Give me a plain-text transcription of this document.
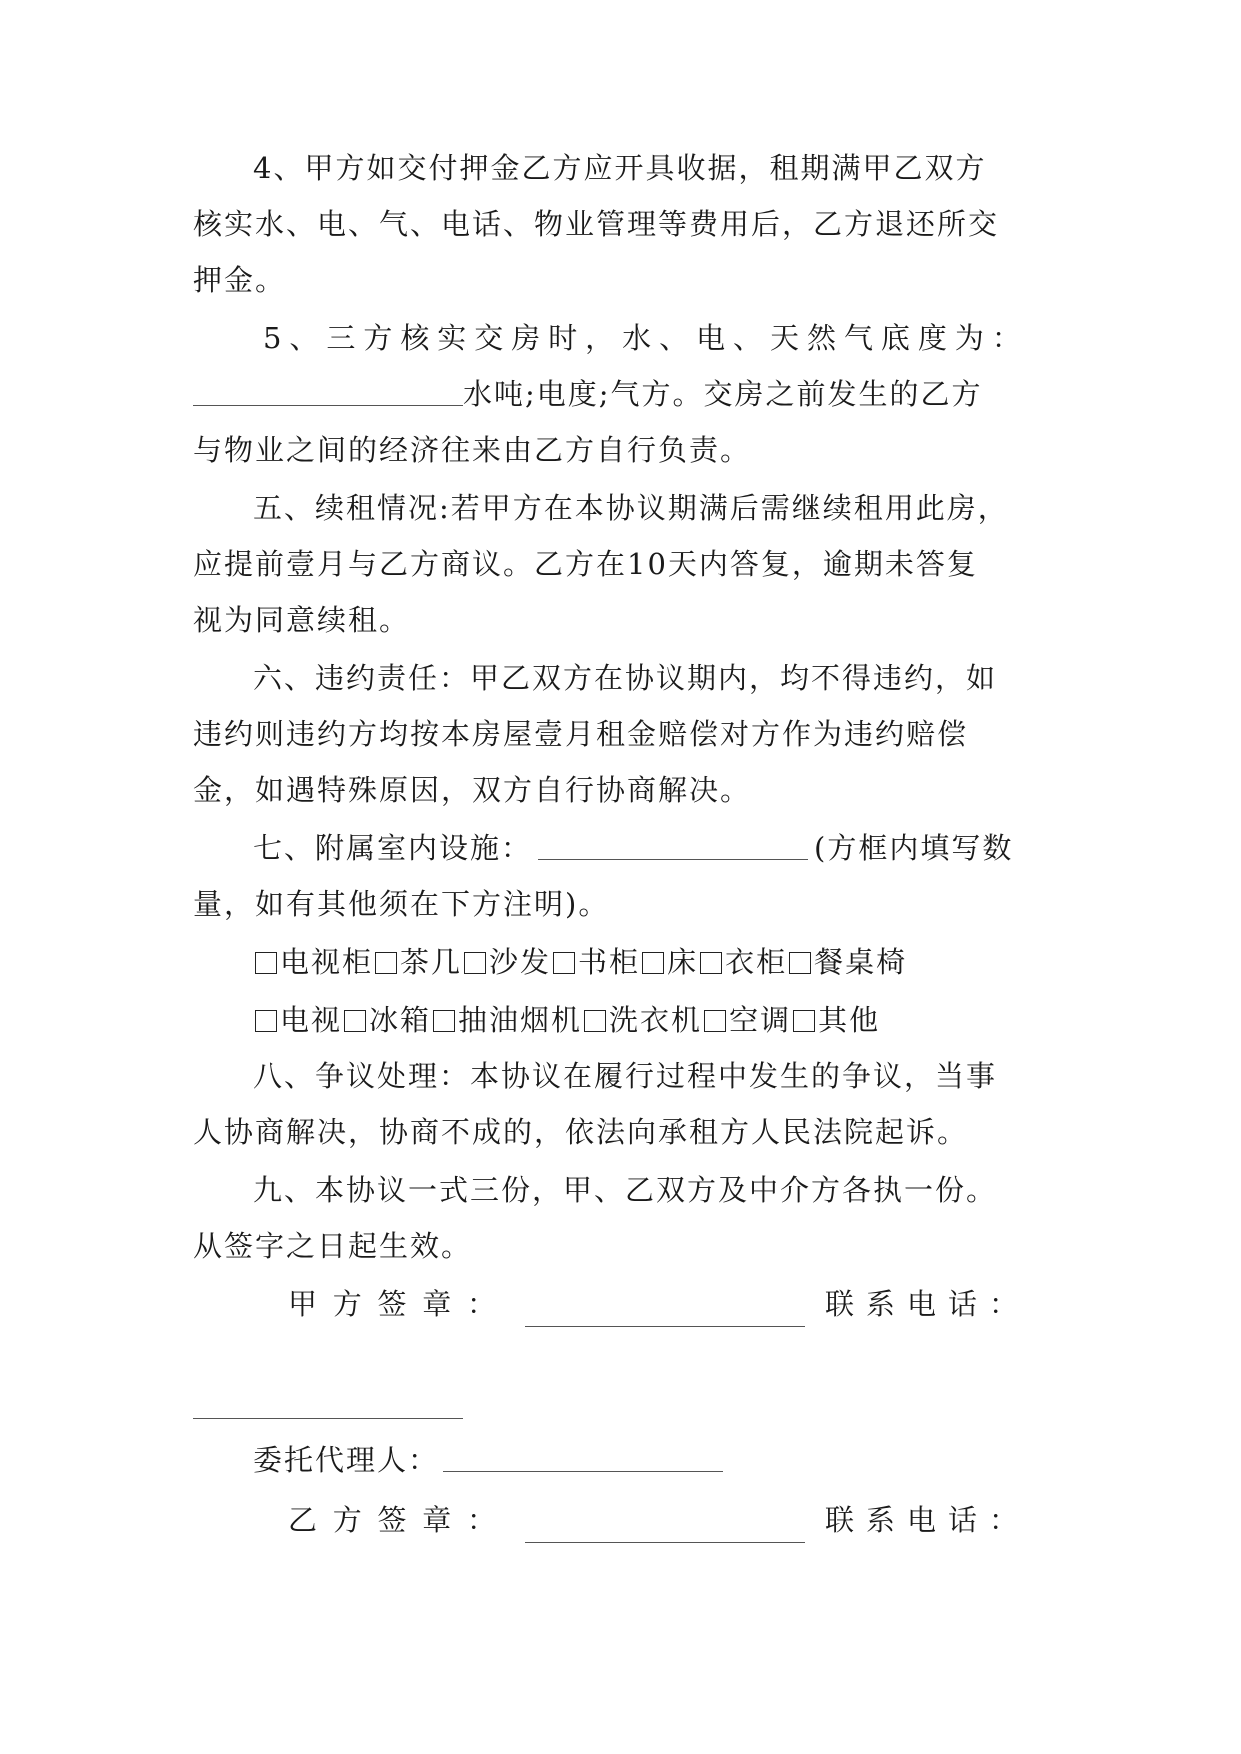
4、甲方如交付押金乙方应开具收据，租期满甲乙双方
核实水、电、气、电话、物业管理等费用后，乙方退还所交
押金。
5 、 三 方 核 实 交 房 时 ， 水 、 电 、 天 然 气 底 度 为 ：
水吨;电度;气方。交房之前发生的乙方
与物业之间的经济往来由乙方自行负责。
五、续租情况:若甲方在本协议期满后需继续租用此房，
应提前壹月与乙方商议。乙方在10天内答复，逾期未答复
视为同意续租。
六、违约责任：甲乙双方在协议期内，均不得违约，如
违约则违约方均按本房屋壹月租金赔偿对方作为违约赔偿
金，如遇特殊原因，双方自行协商解决。
七、附属室内设施：	(方框内填写数
量，如有其他须在下方注明)。
电视柜 茶几 沙发 书柜 床 衣柜 餐桌椅
电视 冰箱 抽油烟机 洗衣机 空调 其他
八、争议处理：本协议在履行过程中发生的争议，当事
人协商解决，协商不成的，依法向承租方人民法院起诉。
九、本协议一式三份，甲、乙双方及中介方各执一份。
从签字之日起生效。
甲 方 签 章 ：	联 系 电 话 ：
委托代理人：
乙 方 签 章 ：	联 系 电 话 ：
